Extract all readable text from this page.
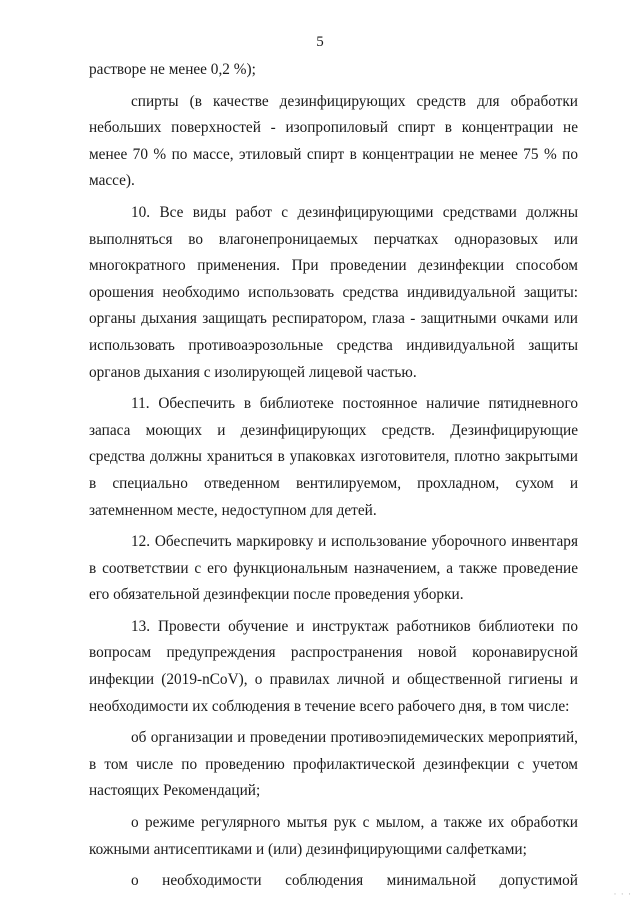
5

растворе не менее 0,2 %);

спирты (в качестве дезинфицирующих средств для обработки небольших поверхностей - изопропиловый спирт в концентрации не менее 70 % по массе, этиловый спирт в концентрации не менее 75 % по массе).

10. Все виды работ с дезинфицирующими средствами должны выполняться во влагонепроницаемых перчатках одноразовых или многократного применения. При проведении дезинфекции способом орошения необходимо использовать средства индивидуальной защиты: органы дыхания защищать респиратором, глаза - защитными очками или использовать противоаэрозольные средства индивидуальной защиты органов дыхания с изолирующей лицевой частью.

11. Обеспечить в библиотеке постоянное наличие пятидневного запаса моющих и дезинфицирующих средств. Дезинфицирующие средства должны храниться в упаковках изготовителя, плотно закрытыми в специально отведенном вентилируемом, прохладном, сухом и затемненном месте, недоступном для детей.

12. Обеспечить маркировку и использование уборочного инвентаря в соответствии с его функциональным назначением, а также проведение его обязательной дезинфекции после проведения уборки.

13. Провести обучение и инструктаж работников библиотеки по вопросам предупреждения распространения новой коронавирусной инфекции (2019-nCoV), о правилах личной и общественной гигиены и необходимости их соблюдения в течение всего рабочего дня, в том числе:

об организации и проведении противоэпидемических мероприятий, в том числе по проведению профилактической дезинфекции с учетом настоящих Рекомендаций;

о режиме регулярного мытья рук с мылом, а также их обработки кожными антисептиками и (или) дезинфицирующими салфетками;

о необходимости соблюдения минимальной допустимой

· · ·
